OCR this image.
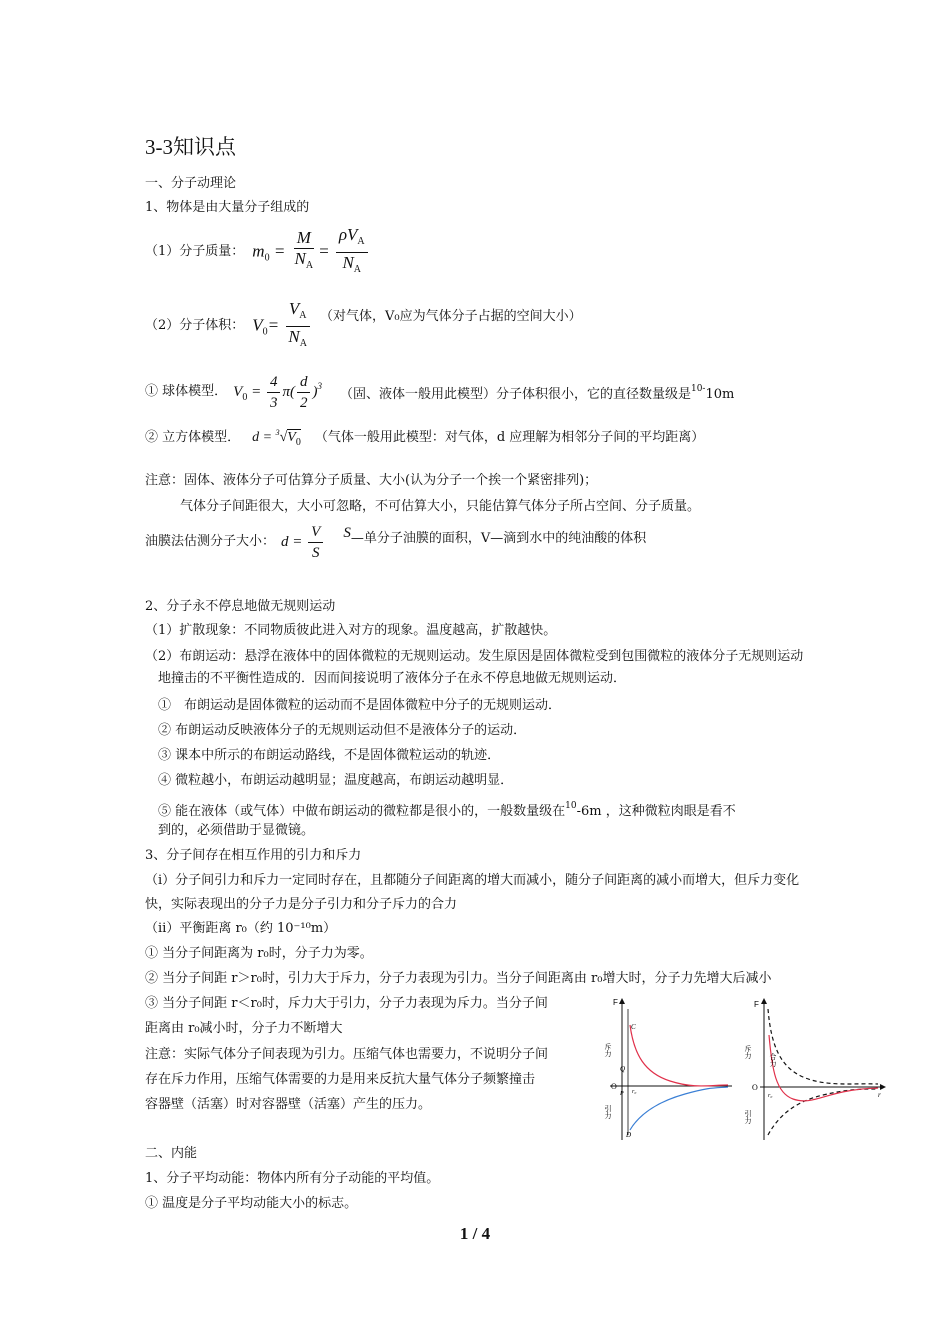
3-3知识点
一、分子动理论
1、物体是由大量分子组成的
（1）分子质量： $m_0 = \frac{M}{N_A} = \frac{\rho V_A}{N_A}$
（2）分子体积： $V_0= \frac{V_A}{N_A}$ （对气体，V₀应为气体分子占据的空间大小）
① 球体模型． $V_0 = \frac{4}{3} \pi( \frac{d}{2} )^3$
（固、液体一般用此模型）分子体积很小，它的直径数量级是$^{10-}$10m
② 立方体模型． $d = ^3√V_0$ （气体一般用此模型：对气体，d 应理解为相邻分子间的平均距离）
注意：固体、液体分子可估算分子质量、大小(认为分子一个挨一个紧密排列)；
气体分子间距很大，大小可忽略，不可估算大小，只能估算气体分子所占空间、分子质量。
油膜法估测分子大小： $d = \frac{V}{S}$ S —单分子油膜的面积，V—滴到水中的纯油酸的体积
2、分子永不停息地做无规则运动
（1）扩散现象：不同物质彼此进入对方的现象。温度越高，扩散越快。
（2）布朗运动：悬浮在液体中的固体微粒的无规则运动。发生原因是固体微粒受到包围微粒的液体分子无规则运动
地撞击的不平衡性造成的．因而间接说明了液体分子在永不停息地做无规则运动．
①　布朗运动是固体微粒的运动而不是固体微粒中分子的无规则运动．
② 布朗运动反映液体分子的无规则运动但不是液体分子的运动．
③ 课本中所示的布朗运动路线，不是固体微粒运动的轨迹．
④ 微粒越小，布朗运动越明显；温度越高，布朗运动越明显．
⑤ 能在液体（或气体）中做布朗运动的微粒都是很小的，一般数量级在$^{10}$-6m ，这种微粒肉眼是看不
到的，必须借助于显微镜。
3、分子间存在相互作用的引力和斥力
（ⅰ）分子间引力和斥力一定同时存在，且都随分子间距离的增大而减小，随分子间距离的减小而增大，但斥力变化
快，实际表现出的分子力是分子引力和分子斥力的合力
（ⅱ）平衡距离 r₀（约 10⁻¹⁰m）
① 当分子间距离为 r₀时，分子力为零。
② 当分子间距 r＞r₀时，引力大于斥力，分子力表现为引力。当分子间距离由 r₀增大时，分子力先增大后减小
③ 当分子间距 r＜r₀时，斥力大于引力，分子力表现为斥力。当分子间
距离由 r₀减小时，分子力不断增大
注意：实际气体分子间表现为引力。压缩气体也需要力，不说明分子间
存在斥力作用，压缩气体需要的力是用来反抗大量气体分子频繁撞击
容器壁（活塞）时对容器壁（活塞）产生的压力。
F
斥力
引力
O
C
Q
P
D
r₀
F
斥力
引力
合力
O
r₀	r
二、内能
1、分子平均动能：物体内所有分子动能的平均值。
① 温度是分子平均动能大小的标志。
1 / 4
